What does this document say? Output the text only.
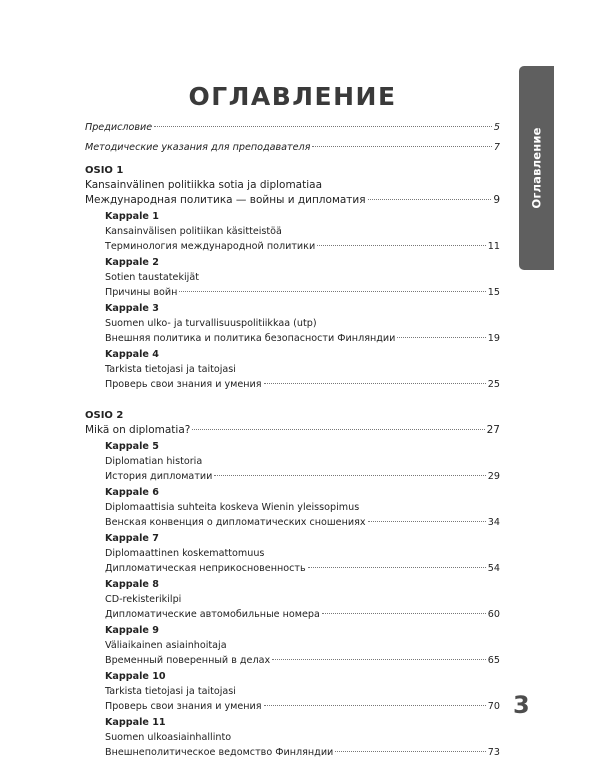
Оглавление
ОГЛАВЛЕНИЕ
Предисловие	5
Методические указания для преподавателя	7
OSIO 1
Kansainvälinen politiikka sotia ja diplomatiaa
Международная политика — войны и дипломатия	9
Kappale 1
Kansainvälisen politiikan käsitteistöä
Терминология международной политики	11
Kappale 2
Sotien taustatekijät
Причины войн	15
Kappale 3
Suomen ulko- ja turvallisuuspolitiikkaa (utp)
Внешняя политика и политика безопасности Финляндии	19
Kappale 4
Tarkista tietojasi ja taitojasi
Проверь свои знания и умения	25
OSIO 2
Mikä on diplomatia?	27
Kappale 5
Diplomatian historia
История дипломатии	29
Kappale 6
Diplomaattisia suhteita koskeva Wienin yleissopimus
Венская конвенция о дипломатических сношениях	34
Kappale 7
Diplomaattinen koskemattomuus
Дипломатическая неприкосновенность	54
Kappale 8
CD-rekisterikilpi
Дипломатические автомобильные номера	60
Kappale 9
Väliaikainen asiainhoitaja
Временный поверенный в делах	65
Kappale 10
Tarkista tietojasi ja taitojasi
Проверь свои знания и умения	70
Kappale 11
Suomen ulkoasiainhallinto
Внешнеполитическое ведомство Финляндии	73
3
